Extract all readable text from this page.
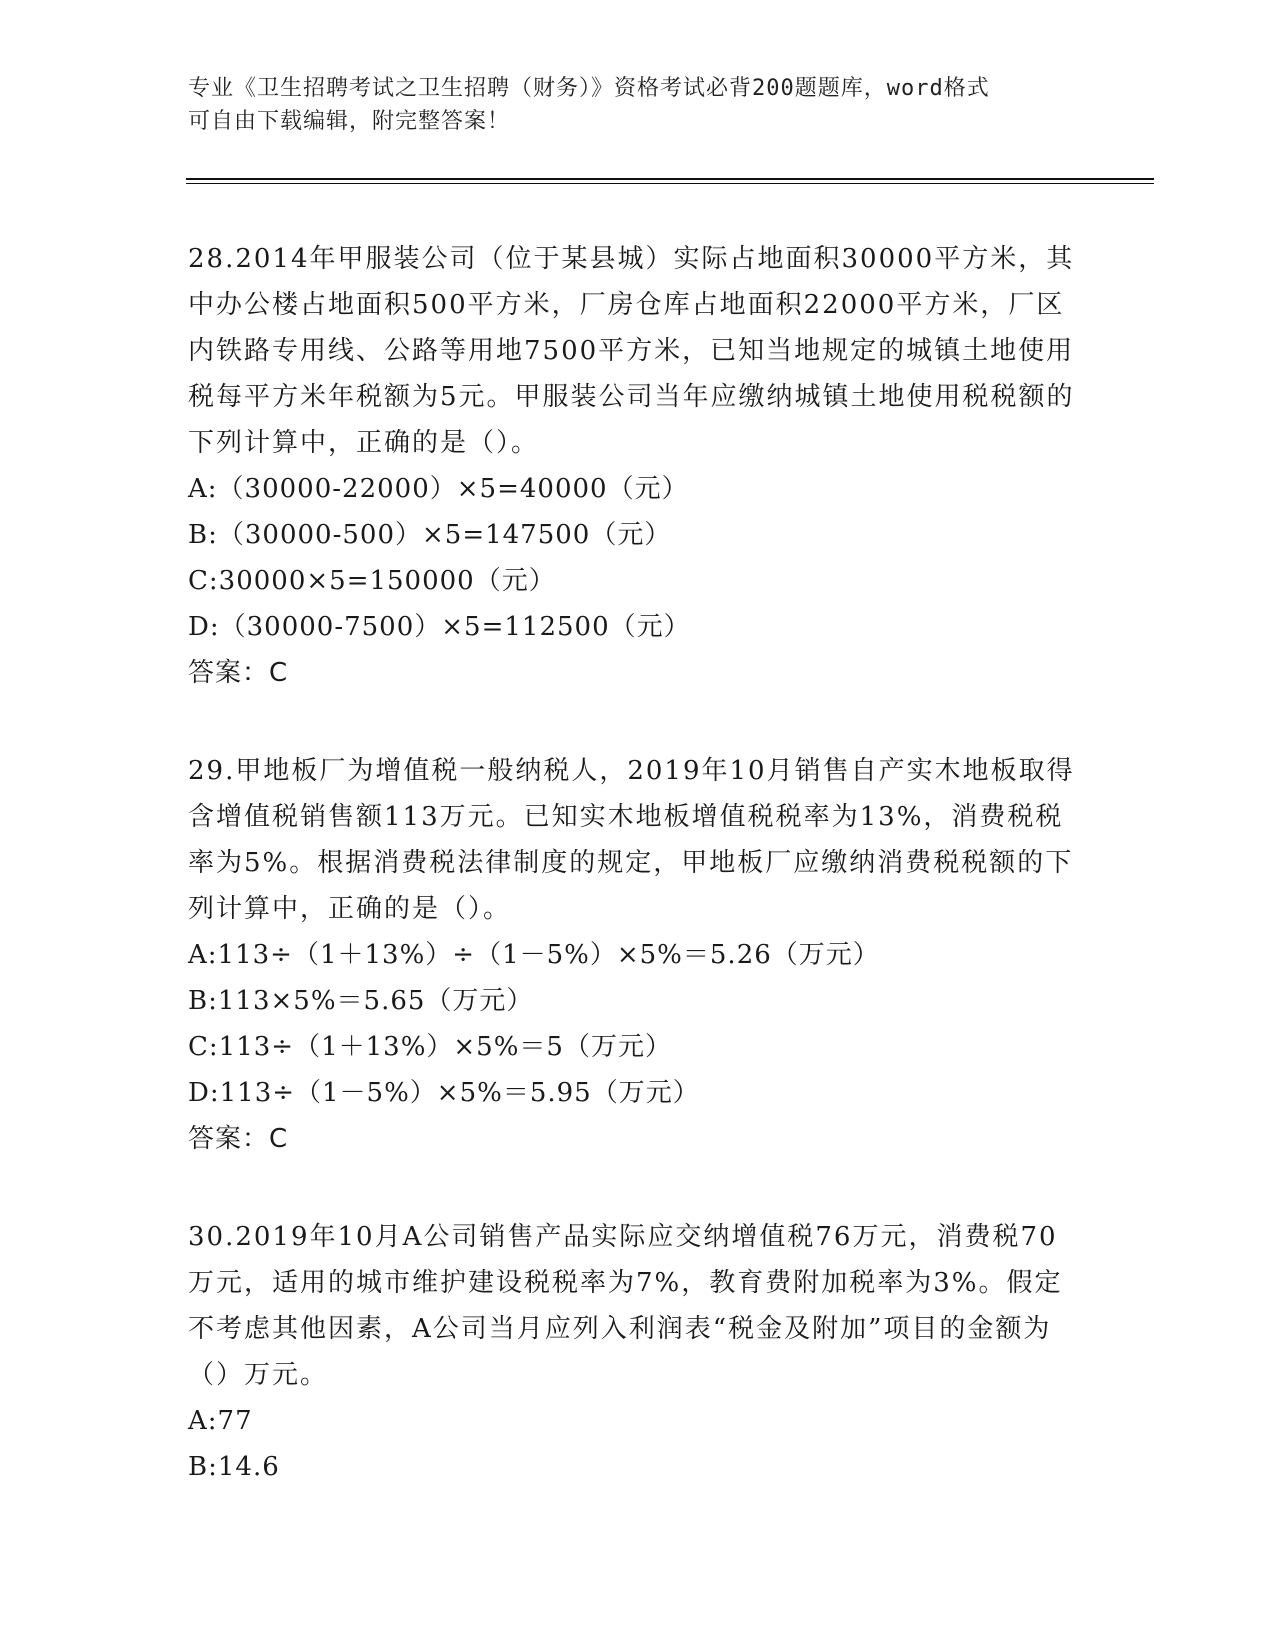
专业《卫生招聘考试之卫生招聘（财务）》资格考试必背200题题库，word格式
可自由下载编辑，附完整答案！

28.2014年甲服装公司（位于某县城）实际占地面积30000平方米，其中办公楼占地面积500平方米，厂房仓库占地面积22000平方米，厂区内铁路专用线、公路等用地7500平方米，已知当地规定的城镇土地使用税每平方米年税额为5元。甲服装公司当年应缴纳城镇土地使用税税额的下列计算中，正确的是（）。

A:（30000-22000）×5=40000（元）

B:（30000-500）×5=147500（元）

C:30000×5=150000（元）

D:（30000-7500）×5=112500（元）

答案：C

29.甲地板厂为增值税一般纳税人，2019年10月销售自产实木地板取得含增值税销售额113万元。已知实木地板增值税税率为13%，消费税税率为5%。根据消费税法律制度的规定，甲地板厂应缴纳消费税税额的下列计算中，正确的是（）。

A:113÷（1＋13%）÷（1－5%）×5%＝5.26（万元）

B:113×5%＝5.65（万元）

C:113÷（1＋13%）×5%＝5（万元）

D:113÷（1－5%）×5%＝5.95（万元）

答案：C

30.2019年10月A公司销售产品实际应交纳增值税76万元，消费税70万元，适用的城市维护建设税税率为7%，教育费附加税率为3%。假定不考虑其他因素，A公司当月应列入利润表“税金及附加”项目的金额为（）万元。

A:77

B:14.6
